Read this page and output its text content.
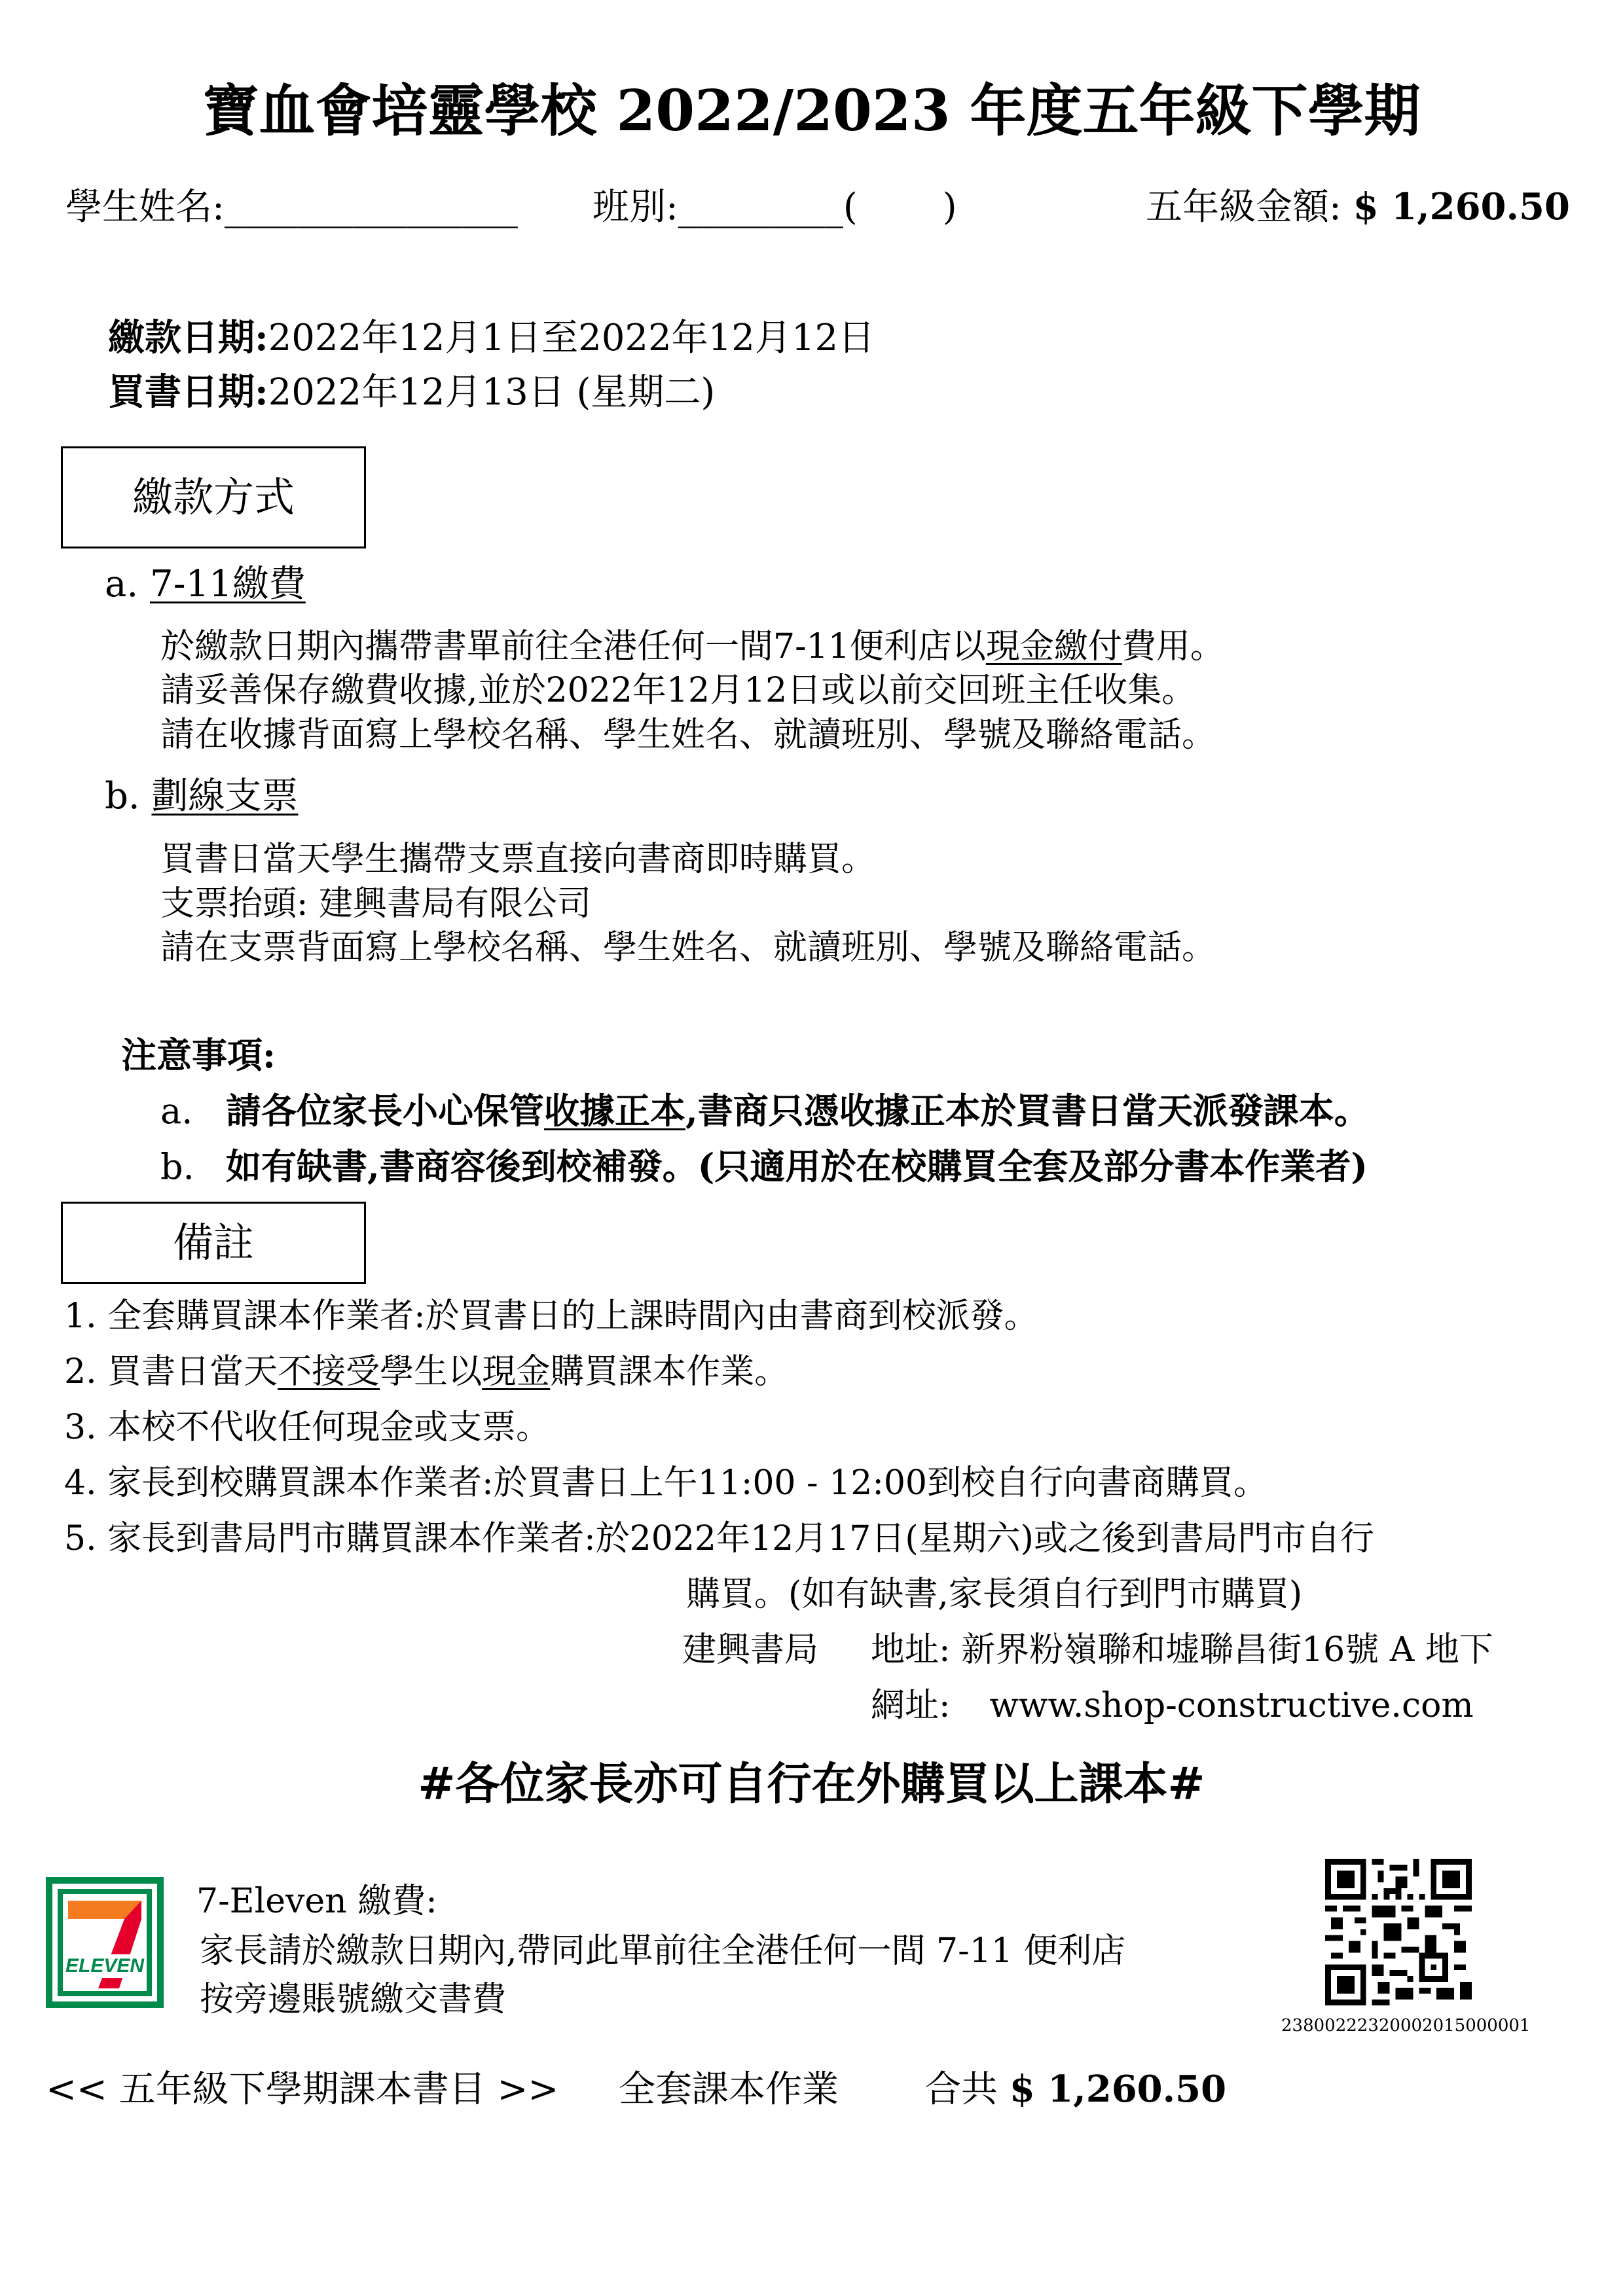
寶血會培靈學校 2022/2023 年度五年級下學期
學生姓名:________________ 班別:_________( )	五年級金額: $ 1,260.50
繳款日期:2022年12月1日至2022年12月12日
買書日期:2022年12月13日 (星期二)
繳款方式
a. 7-11繳費
於繳款日期內攜帶書單前往全港任何一間7-11便利店以現金繳付費用。
請妥善保存繳費收據,並於2022年12月12日或以前交回班主任收集。
請在收據背面寫上學校名稱、學生姓名、就讀班別、學號及聯絡電話。
b. 劃線支票
買書日當天學生攜帶支票直接向書商即時購買。
支票抬頭: 建興書局有限公司
請在支票背面寫上學校名稱、學生姓名、就讀班別、學號及聯絡電話。
注意事項:
a. 請各位家長小心保管收據正本,書商只憑收據正本於買書日當天派發課本。
b. 如有缺書,書商容後到校補發。(只適用於在校購買全套及部分書本作業者)
備註
1. 全套購買課本作業者:於買書日的上課時間內由書商到校派發。
2. 買書日當天不接受學生以現金購買課本作業。
3. 本校不代收任何現金或支票。
4. 家長到校購買課本作業者:於買書日上午11:00 - 12:00到校自行向書商購買。
5. 家長到書局門市購買課本作業者:於2022年12月17日(星期六)或之後到書局門市自行
購買。(如有缺書,家長須自行到門市購買)
建興書局 地址: 新界粉嶺聯和墟聯昌街16號 A 地下
網址: www.shop-constructive.com
#各位家長亦可自行在外購買以上課本#
ELEVEN
7-Eleven 繳費:
家長請於繳款日期內,帶同此單前往全港任何一間 7-11 便利店
按旁邊賬號繳交書費
23800222320002015000001
<< 五年級下學期課本書目 >> 全套課本作業 合共 $ 1,260.50
